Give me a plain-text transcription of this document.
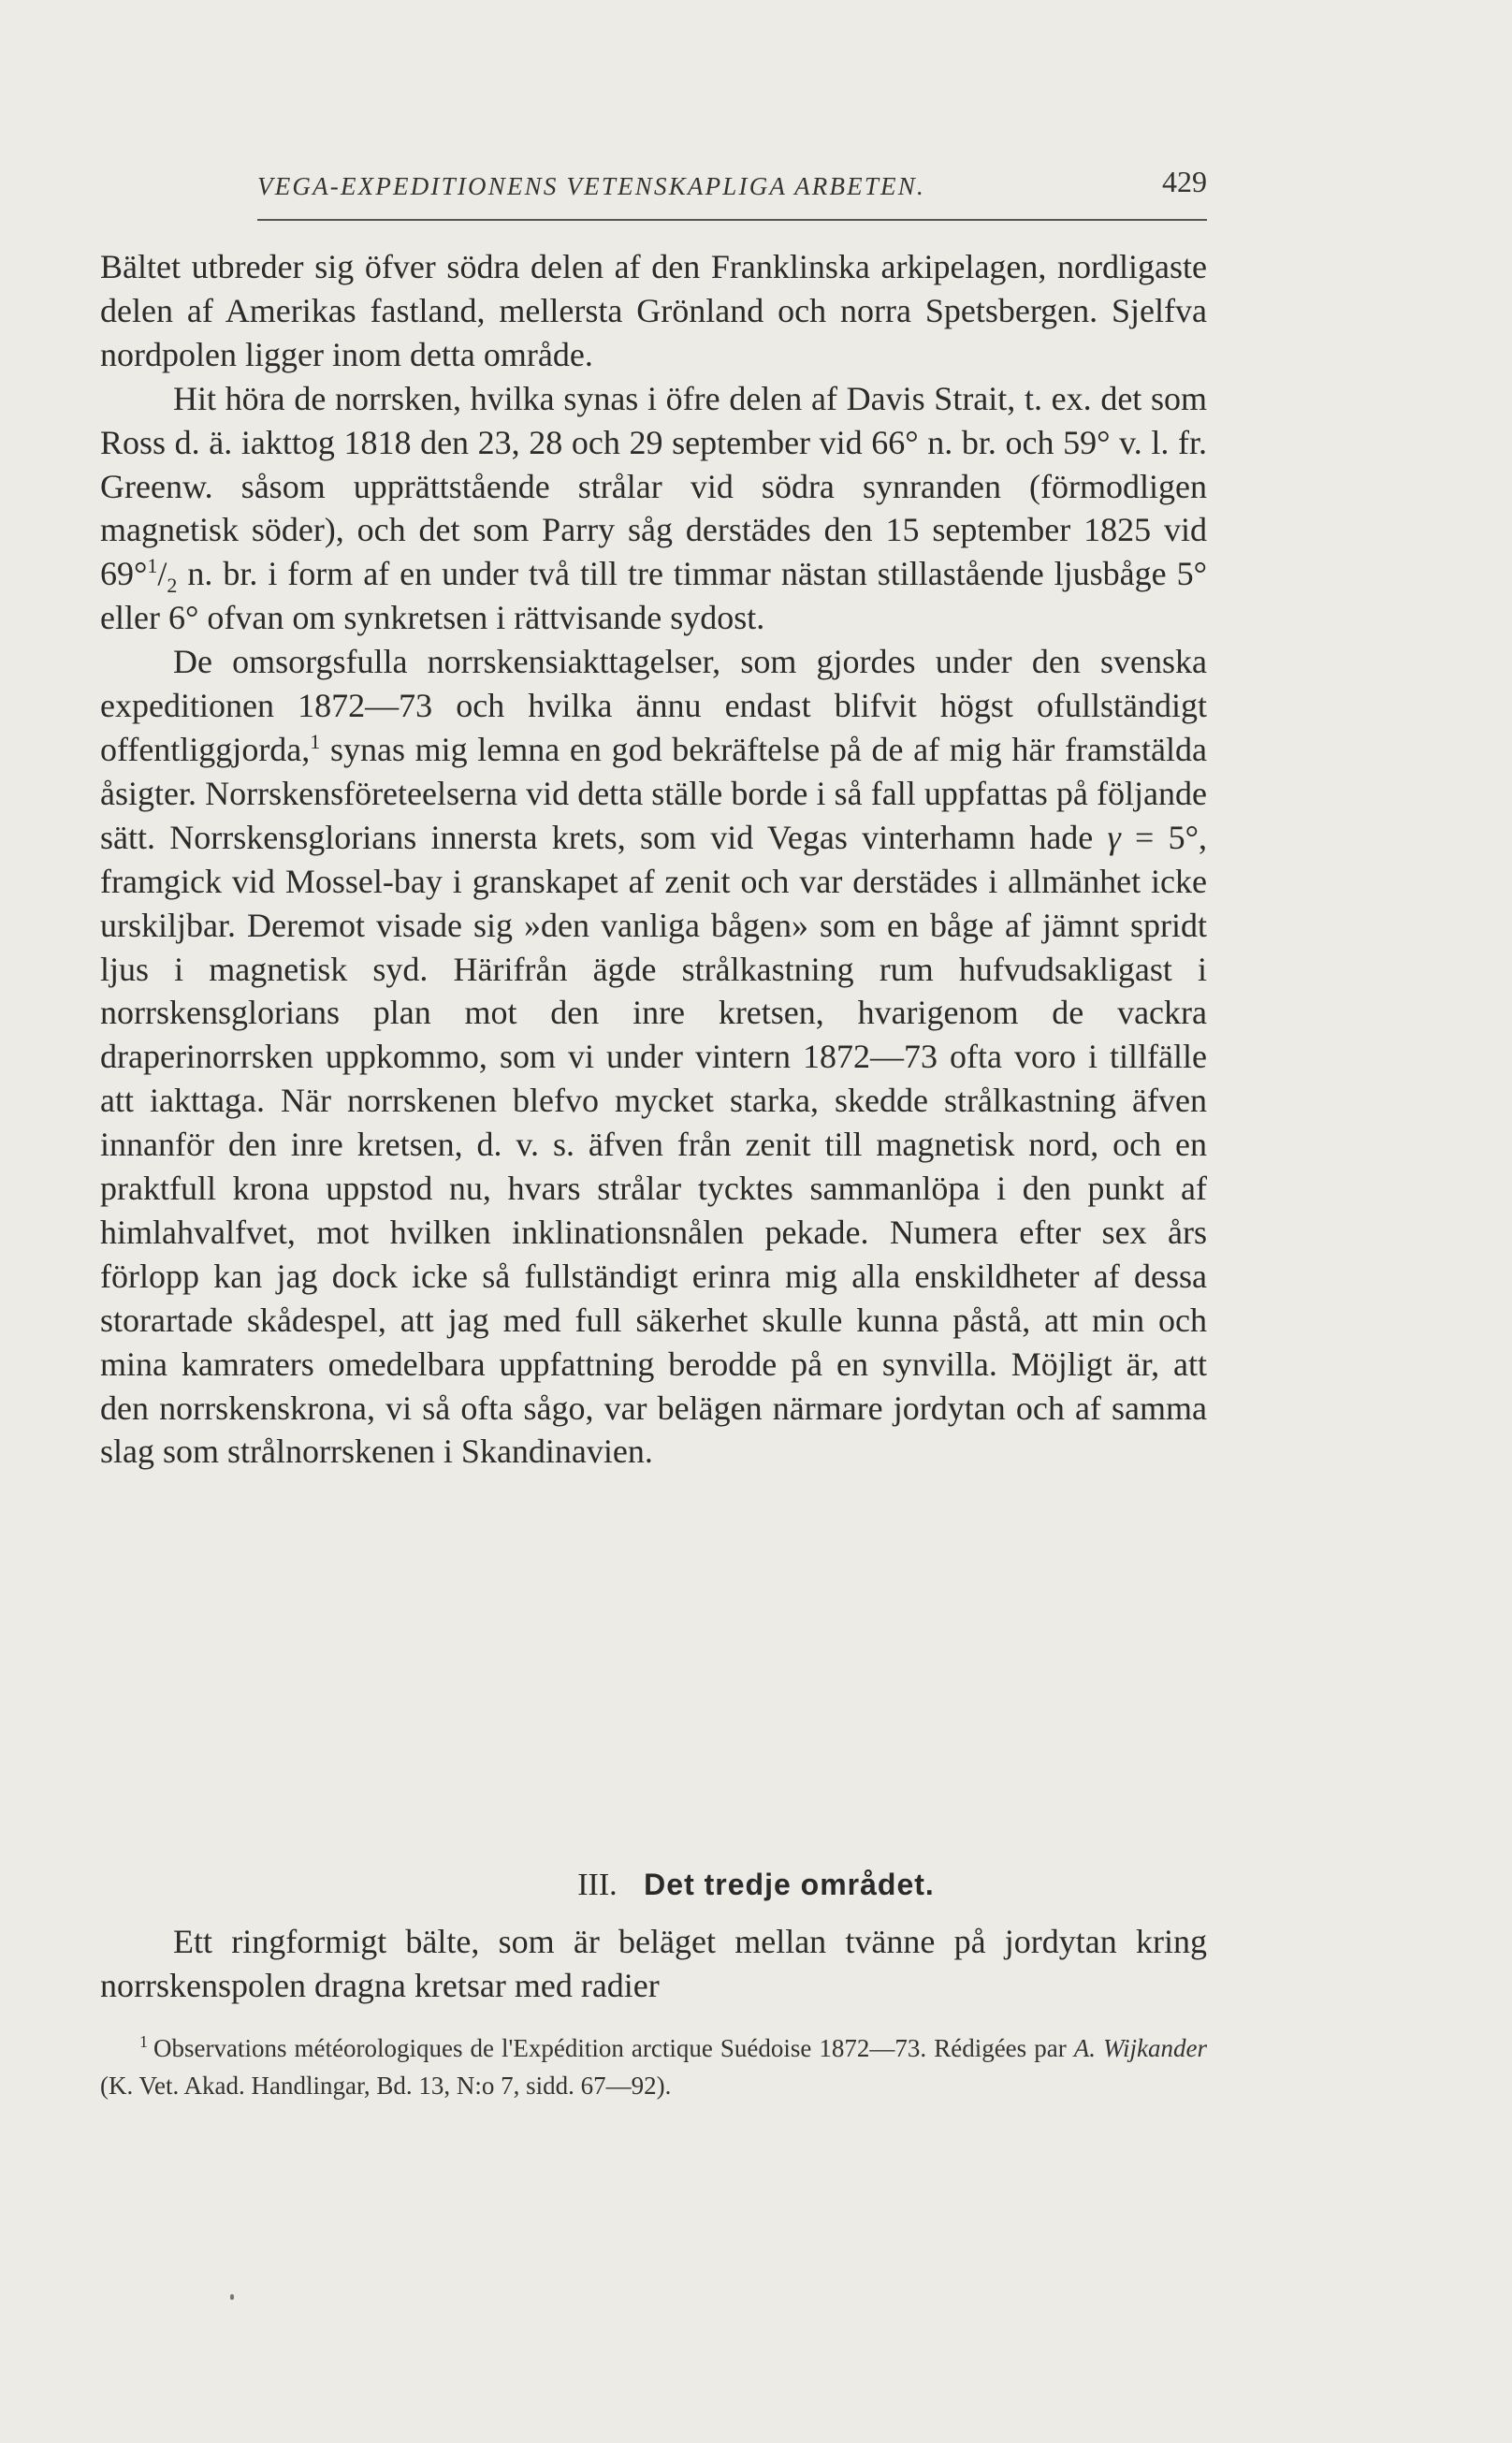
VEGA-EXPEDITIONENS VETENSKAPLIGA ARBETEN.	429

Bältet utbreder sig öfver södra delen af den Franklinska arkipelagen, nordligaste delen af Amerikas fastland, mellersta Grönland och norra Spetsbergen. Sjelfva nordpolen ligger inom detta område.

Hit höra de norrsken, hvilka synas i öfre delen af Davis Strait, t. ex. det som Ross d. ä. iakttog 1818 den 23, 28 och 29 september vid 66° n. br. och 59° v. l. fr. Greenw. såsom upprättstående strålar vid södra synranden (förmodligen magnetisk söder), och det som Parry såg derstädes den 15 september 1825 vid $69^\circ^1/_2$ n. br. i form af en under två till tre timmar nästan stillastående ljusbåge 5° eller 6° ofvan om synkretsen i rättvisande sydost.

De omsorgsfulla norrskensiakttagelser, som gjordes under den svenska expeditionen 1872—73 och hvilka ännu endast blifvit högst ofullständigt offentliggjorda,$^1$ synas mig lemna en god bekräftelse på de af mig här framstälda åsigter. Norrskensföreteelserna vid detta ställe borde i så fall uppfattas på följande sätt. Norrskensglorians innersta krets, som vid Vegas vinterhamn hade γ = 5°, framgick vid Mossel-bay i granskapet af zenit och var derstädes i allmänhet icke urskiljbar. Deremot visade sig »den vanliga bågen» som en båge af jämnt spridt ljus i magnetisk syd. Härifrån ägde strålkastning rum hufvudsakligast i norrskensglorians plan mot den inre kretsen, hvarigenom de vackra draperinorrsken uppkommo, som vi under vintern 1872—73 ofta voro i tillfälle att iakttaga. När norrskenen blefvo mycket starka, skedde strålkastning äfven innanför den inre kretsen, d. v. s. äfven från zenit till magnetisk nord, och en praktfull krona uppstod nu, hvars strålar tycktes sammanlöpa i den punkt af himlahvalfvet, mot hvilken inklinationsnålen pekade. Numera efter sex års förlopp kan jag dock icke så fullständigt erinra mig alla enskildheter af dessa storartade skådespel, att jag med full säkerhet skulle kunna påstå, att min och mina kamraters omedelbara uppfattning berodde på en synvilla. Möjligt är, att den norrskenskrona, vi så ofta sågo, var belägen närmare jordytan och af samma slag som strålnorrskenen i Skandinavien.

III. Det tredje området.

Ett ringformigt bälte, som är beläget mellan tvänne på jordytan kring norrskenspolen dragna kretsar med radier

$^1$ Observations météorologiques de l'Expédition arctique Suédoise 1872—73. Rédigées par A. Wijkander (K. Vet. Akad. Handlingar, Bd. 13, N:o 7, sidd. 67—92).
